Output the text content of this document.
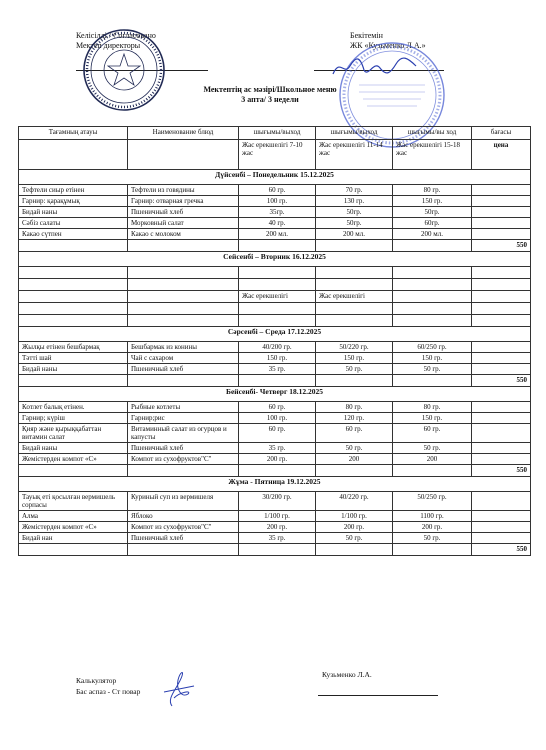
Келісілді / Согласовано
Мектеп директоры
Бекітемін
ЖК «Кузьменко Л.А.»
Мектептің ас мәзірі/Школьное меню
3 апта/ 3 недели
Тағамның атауы	Наименование блюд	шығымы/выход	шығымы/выход	шығымы/вы ход	бағасы
		Жас ерекшелігі 7-10 жас	Жас ерекшелігі 11-14 жас	Жас ерекшелігі 15-18 жас	цена
Дүйсенбі – Понедельник 15.12.2025					
Тефтели сиыр етінен	Тефтели из говядины	60 гр.	70 гр.	80 гр.	
Гарнир: қарақұмық	Гарнир: отварная гречка	100 гр.	130 гр.	150 гр.	
Бидай наны	Пшеничный хлеб	35гр.	50гр.	50гр.	
Сәбіз салаты	Морковный салат	40 гр.	50гр.	60гр.	
Какао сүтпен	Какао с молоком	200 мл.	200 мл.	200 мл.	
					550
Сейсенбі – Вторник 16.12.2025					

		Жас ерекшелігі	Жас ерекшелігі		

Сәрсенбі – Среда 17.12.2025					
Жылқы етінен бешбармақ	Бешбармак из конины	40/200 гр.	50/220 гр.	60/250 гр.	
Тәтті шай	Чай с сахаром	150 гр.	150 гр.	150 гр.	
Бидай наны	Пшеничный хлеб	35 гр.	50 гр.	50 гр.	
					550
Бейсенбі- Четверг 18.12.2025					
Котлет балық етінен.	Рыбные котлеты	60 гр.	80 гр.	80 гр.	
Гарнир; күріш	Гарнир;рис	100 гр.	120 гр.	150 гр.	
Қияр және қырыққабаттан витамин салат	Витаминный салат из огурцов и капусты	60 гр.	60 гр.	60 гр.	
Бидай наны	Пшеничный хлеб	35 гр.	50 гр.	50 гр.	
Жемістерден компот «С»	Компот из сухофруктов"С"	200 гр.	200	200	
					550
Жұма - Пятница 19.12.2025					
Тауық еті қосылған вермишель сорпасы	Куриный суп из вермишеля	30/200 гр.	40/220 гр.	50/250 гр.	
Алма	Яблоко	1/100 гр.	1/100 гр.	1100 гр.	
Жемістерден компот «С»	Компот из сухофруктов"С"	200 гр.	200 гр.	200 гр.	
Бидай нан	Пшеничный хлеб	35 гр.	50 гр.	50 гр.	
					550
Калькулятор
Бас аспаз - Ст повар
Кузьменко Л.А.
